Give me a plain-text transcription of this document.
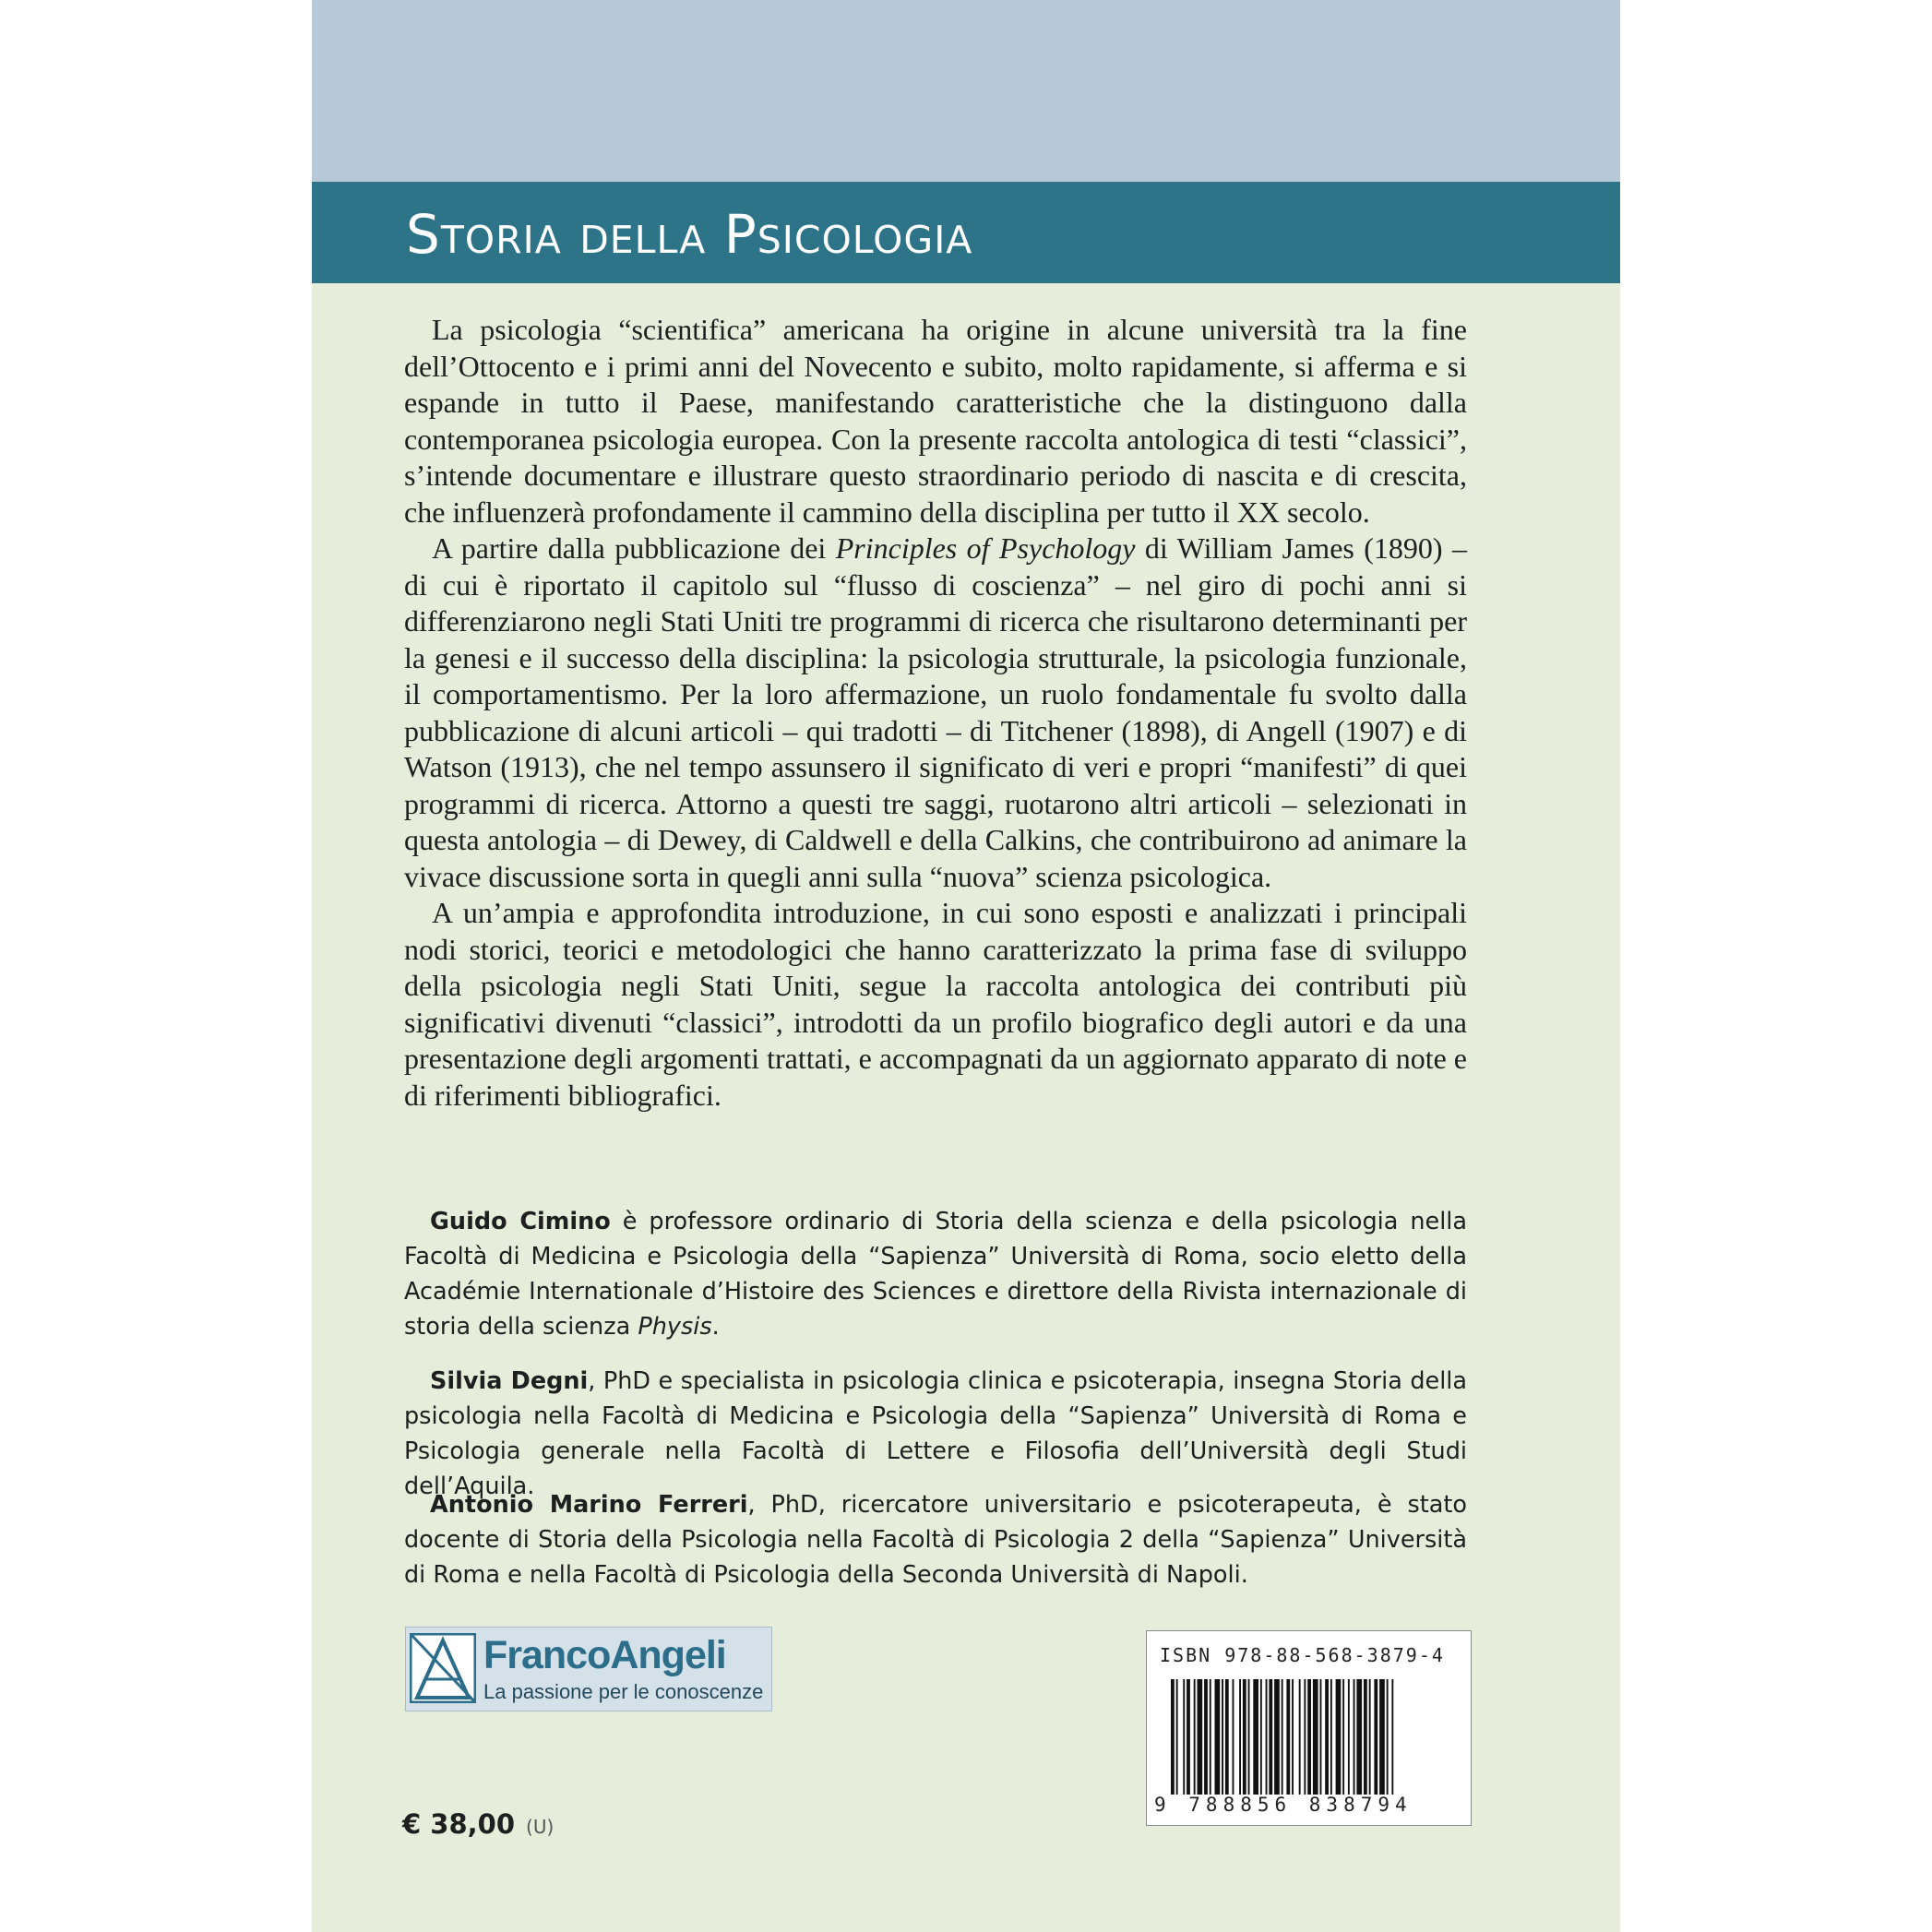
Storia della Psicologia

La psicologia “scientifica” americana ha origine in alcune università tra la fine dell’Ottocento e i primi anni del Novecento e subito, molto rapidamente, si afferma e si espande in tutto il Paese, manifestando caratteristiche che la distinguono dalla contemporanea psicologia europea. Con la presente raccolta antologica di testi “classici”, s’intende documentare e illustrare questo straordinario periodo di nascita e di crescita, che influenzerà profondamente il cammino della disciplina per tutto il XX secolo.

A partire dalla pubblicazione dei Principles of Psychology di William James (1890) – di cui è riportato il capitolo sul “flusso di coscienza” – nel giro di pochi anni si differenziarono negli Stati Uniti tre programmi di ricerca che risultarono determinanti per la genesi e il successo della disciplina: la psicologia strutturale, la psicologia funzionale, il comportamentismo. Per la loro affermazione, un ruolo fondamentale fu svolto dalla pubblicazione di alcuni articoli – qui tradotti – di Titchener (1898), di Angell (1907) e di Watson (1913), che nel tempo assunsero il significato di veri e propri “manifesti” di quei programmi di ricerca. Attorno a questi tre saggi, ruotarono altri articoli – selezionati in questa antologia – di Dewey, di Caldwell e della Calkins, che contribuirono ad animare la vivace discussione sorta in quegli anni sulla “nuova” scienza psicologica.

A un’ampia e approfondita introduzione, in cui sono esposti e analizzati i principali nodi storici, teorici e metodologici che hanno caratterizzato la prima fase di sviluppo della psicologia negli Stati Uniti, segue la raccolta antologica dei contributi più significativi divenuti “classici”, introdotti da un profilo biografico degli autori e da una presentazione degli argomenti trattati, e accompagnati da un aggiornato apparato di note e di riferimenti bibliografici.

Guido Cimino è professore ordinario di Storia della scienza e della psicologia nella Facoltà di Medicina e Psicologia della “Sapienza” Università di Roma, socio eletto della Académie Internationale d’Histoire des Sciences e direttore della Rivista internazionale di storia della scienza Physis.

Silvia Degni, PhD e specialista in psicologia clinica e psicoterapia, insegna Storia della psicologia nella Facoltà di Medicina e Psicologia della “Sapienza” Università di Roma e Psicologia generale nella Facoltà di Lettere e Filosofia dell’Università degli Studi dell’Aquila.

Antonio Marino Ferreri, PhD, ricercatore universitario e psicoterapeuta, è stato docente di Storia della Psicologia nella Facoltà di Psicologia 2 della “Sapienza” Università di Roma e nella Facoltà di Psicologia della Seconda Università di Napoli.

FrancoAngeli
La passione per le conoscenze
ISBN 978-88-568-3879-4
9 788856 838794
€ 38,00 (U)
